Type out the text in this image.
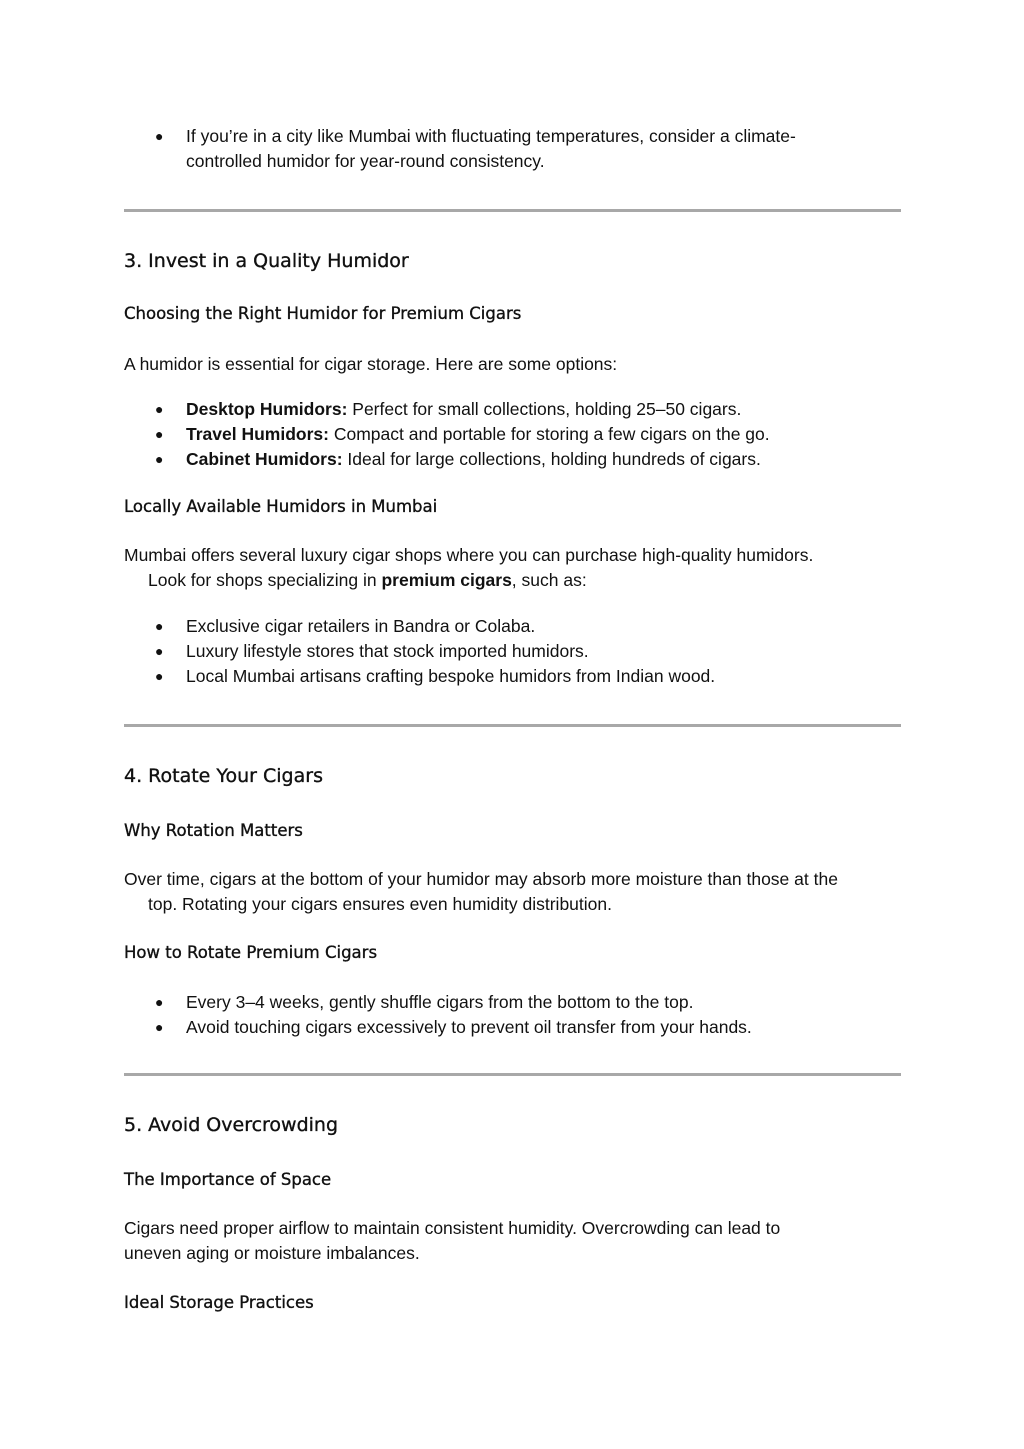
● If you’re in a city like Mumbai with fluctuating temperatures, consider a climate-
controlled humidor for year-round consistency.
3. Invest in a Quality Humidor
Choosing the Right Humidor for Premium Cigars

A humidor is essential for cigar storage. Here are some options:

● Desktop Humidors: Perfect for small collections, holding 25–50 cigars.
● Travel Humidors: Compact and portable for storing a few cigars on the go.
● Cabinet Humidors: Ideal for large collections, holding hundreds of cigars.
Locally Available Humidors in Mumbai

Mumbai offers several luxury cigar shops where you can purchase high-quality humidors.

Look for shops specializing in premium cigars, such as:

● Exclusive cigar retailers in Bandra or Colaba.
● Luxury lifestyle stores that stock imported humidors.
● Local Mumbai artisans crafting bespoke humidors from Indian wood.
4. Rotate Your Cigars
Why Rotation Matters

Over time, cigars at the bottom of your humidor may absorb more moisture than those at the

top. Rotating your cigars ensures even humidity distribution.

How to Rotate Premium Cigars
● Every 3–4 weeks, gently shuffle cigars from the bottom to the top.
● Avoid touching cigars excessively to prevent oil transfer from your hands.
5. Avoid Overcrowding
The Importance of Space

Cigars need proper airflow to maintain consistent humidity. Overcrowding can lead to

uneven aging or moisture imbalances.

Ideal Storage Practices
